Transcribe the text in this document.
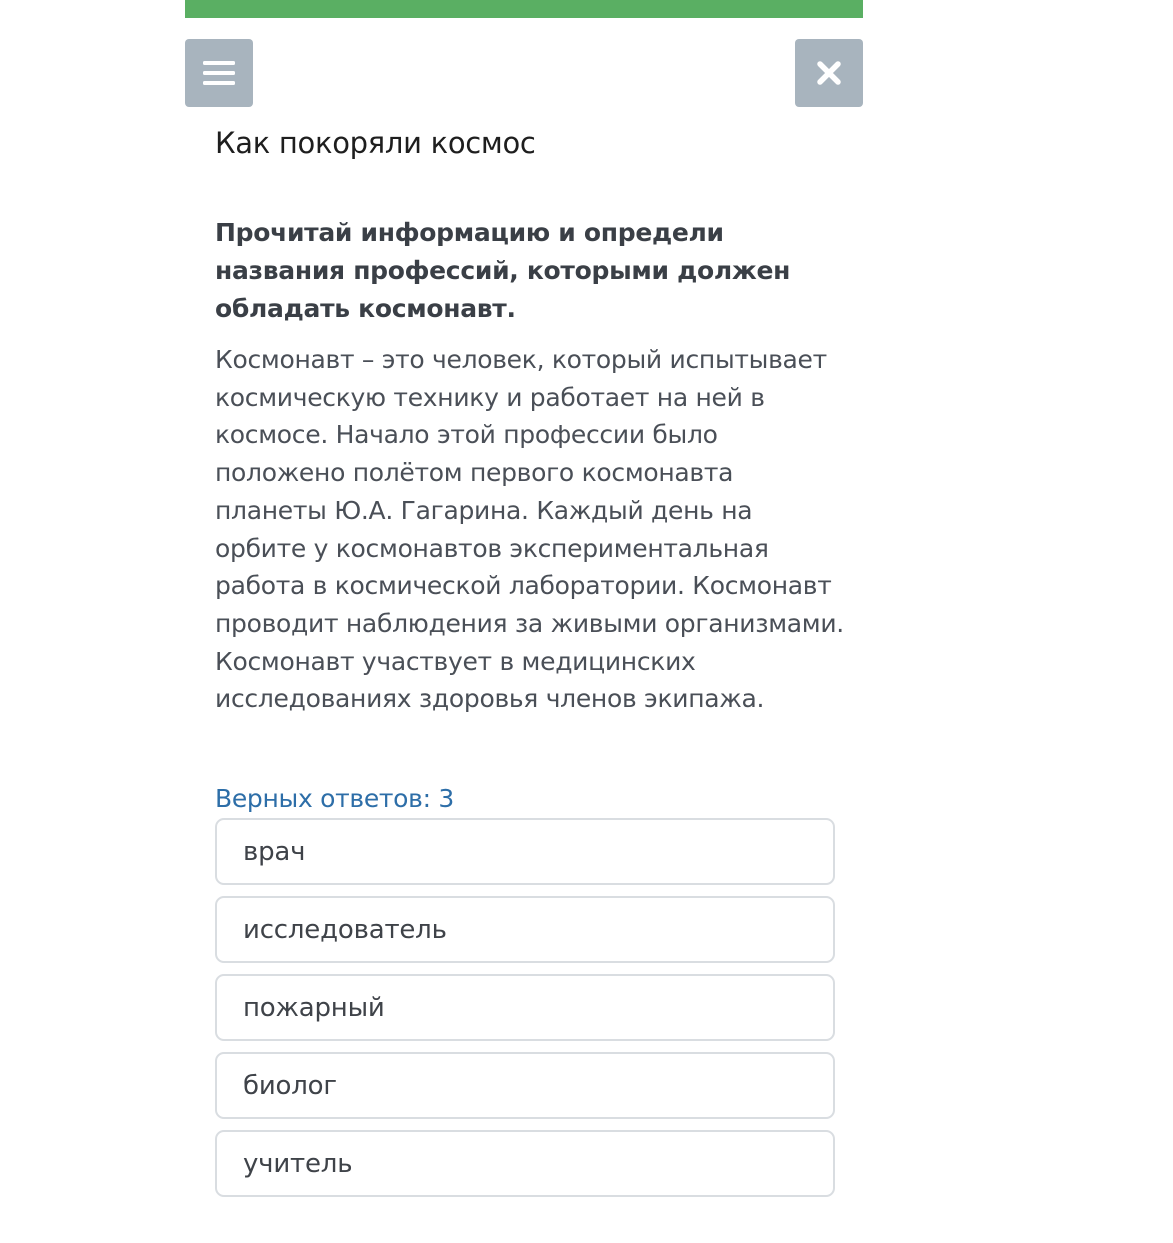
Как покоряли космос
Прочитай информацию и определи названия профессий, которыми должен обладать космонавт.
Космонавт – это человек, который испытывает космическую технику и работает на ней в космосе. Начало этой профессии было положено полётом первого космонавта планеты Ю.А. Гагарина. Каждый день на орбите у космонавтов экспериментальная работа в космической лаборатории. Космонавт проводит наблюдения за живыми организмами. Космонавт участвует в медицинских исследованиях здоровья членов экипажа.
Верных ответов: 3
врач
исследователь
пожарный
биолог
учитель
